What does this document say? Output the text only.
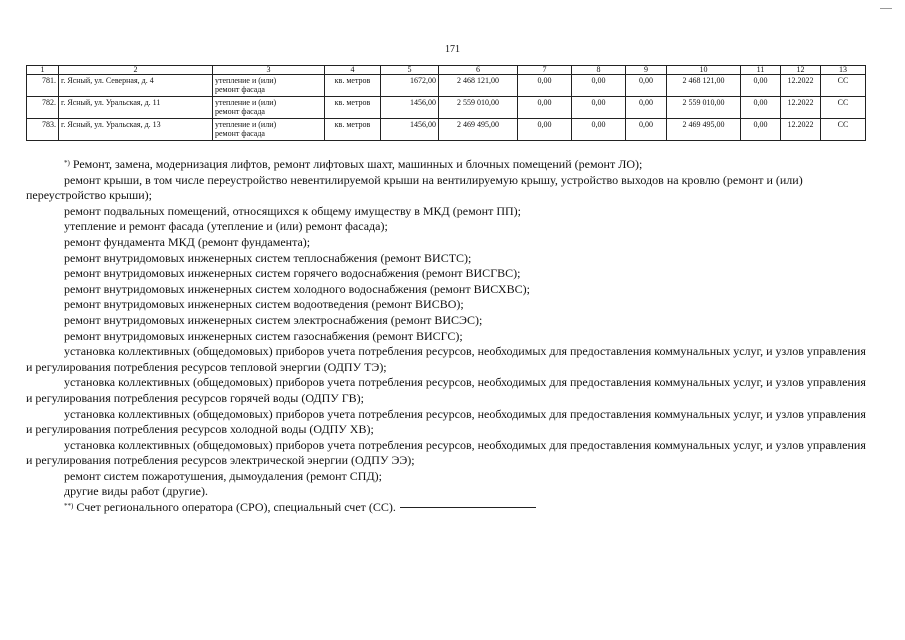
171
1	2	3	4	5	6	7	8	9	10	11	12	13
781.	г. Ясный, ул. Северная, д. 4	утепление и (или)
ремонт фасада	кв. метров	1672,00	2 468 121,00	0,00	0,00	0,00	2 468 121,00	0,00	12.2022	СС
782.	г. Ясный, ул. Уральская, д. 11	утепление и (или)
ремонт фасада	кв. метров	1456,00	2 559 010,00	0,00	0,00	0,00	2 559 010,00	0,00	12.2022	СС
783.	г. Ясный, ул. Уральская, д. 13	утепление и (или)
ремонт фасада	кв. метров	1456,00	2 469 495,00	0,00	0,00	0,00	2 469 495,00	0,00	12.2022	СС

*) Ремонт, замена, модернизация лифтов, ремонт лифтовых шахт, машинных и блочных помещений (ремонт ЛО);

ремонт крыши, в том числе переустройство невентилируемой крыши на вентилируемую крышу, устройство выходов на кровлю (ремонт и (или) переустройство крыши);

ремонт подвальных помещений, относящихся к общему имуществу в МКД (ремонт ПП);

утепление и ремонт фасада (утепление и (или) ремонт фасада);

ремонт фундамента МКД (ремонт фундамента);

ремонт внутридомовых инженерных систем теплоснабжения (ремонт ВИСТС);

ремонт внутридомовых инженерных систем горячего водоснабжения (ремонт ВИСГВС);

ремонт внутридомовых инженерных систем холодного водоснабжения (ремонт ВИСХВС);

ремонт внутридомовых инженерных систем водоотведения (ремонт ВИСВО);

ремонт внутридомовых инженерных систем электроснабжения (ремонт ВИСЭС);

ремонт внутридомовых инженерных систем газоснабжения (ремонт ВИСГС);

установка коллективных (общедомовых) приборов учета потребления ресурсов, необходимых для предоставления коммунальных услуг, и узлов управления и регулирования потребления ресурсов тепловой энергии (ОДПУ ТЭ);

установка коллективных (общедомовых) приборов учета потребления ресурсов, необходимых для предоставления коммунальных услуг, и узлов управления и регулирования потребления ресурсов горячей воды (ОДПУ ГВ);

установка коллективных (общедомовых) приборов учета потребления ресурсов, необходимых для предоставления коммунальных услуг, и узлов управления и регулирования потребления ресурсов холодной воды (ОДПУ ХВ);

установка коллективных (общедомовых) приборов учета потребления ресурсов, необходимых для предоставления коммунальных услуг, и узлов управления и регулирования потребления ресурсов электрической энергии (ОДПУ ЭЭ);

ремонт систем пожаротушения, дымоудаления (ремонт СПД);

другие виды работ (другие).

**) Счет регионального оператора (СРО), специальный счет (СС).
